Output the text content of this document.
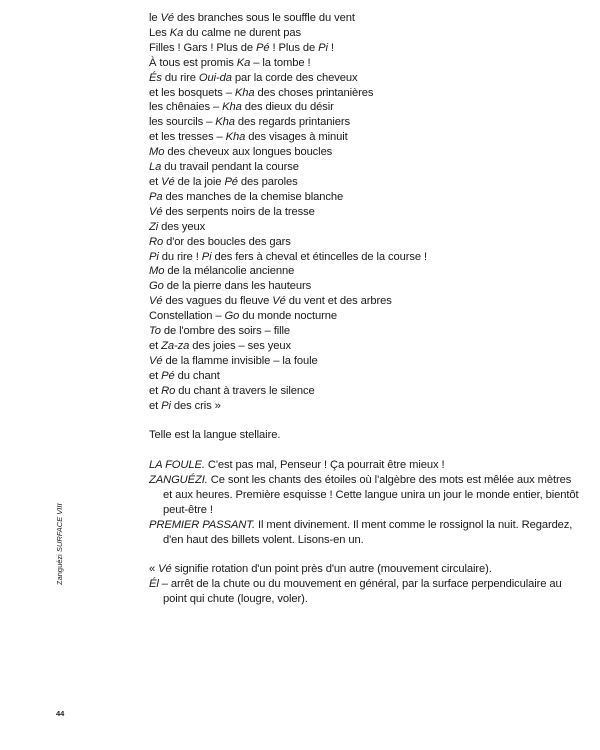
le Vé des branches sous le souffle du vent
Les Ka du calme ne durent pas
Filles ! Gars ! Plus de Pé ! Plus de Pi !
À tous est promis Ka – la tombe !
És du rire Oui-da par la corde des cheveux
et les bosquets – Kha des choses printanières
les chênaies – Kha des dieux du désir
les sourcils – Kha des regards printaniers
et les tresses – Kha des visages à minuit
Mo des cheveux aux longues boucles
La du travail pendant la course
et Vé de la joie Pé des paroles
Pa des manches de la chemise blanche
Vé des serpents noirs de la tresse
Zi des yeux
Ro d'or des boucles des gars
Pi du rire ! Pi des fers à cheval et étincelles de la course !
Mo de la mélancolie ancienne
Go de la pierre dans les hauteurs
Vé des vagues du fleuve Vé du vent et des arbres
Constellation – Go du monde nocturne
To de l'ombre des soirs – fille
et Za-za des joies – ses yeux
Vé de la flamme invisible – la foule
et Pé du chant
et Ro du chant à travers le silence
et Pi des cris »
Telle est la langue stellaire.
LA FOULE. C'est pas mal, Penseur ! Ça pourrait être mieux !
ZANGUÉZI. Ce sont les chants des étoiles où l'algèbre des mots est mêlée aux mètres et aux heures. Première esquisse ! Cette langue unira un jour le monde entier, bientôt peut-être !
PREMIER PASSANT. Il ment divinement. Il ment comme le rossignol la nuit. Regardez, d'en haut des billets volent. Lisons-en un.
« Vé signifie rotation d'un point près d'un autre (mouvement circulaire).
Él – arrêt de la chute ou du mouvement en général, par la surface perpendiculaire au point qui chute (lougre, voler).
Zanguézi SURFACE VIII
44
